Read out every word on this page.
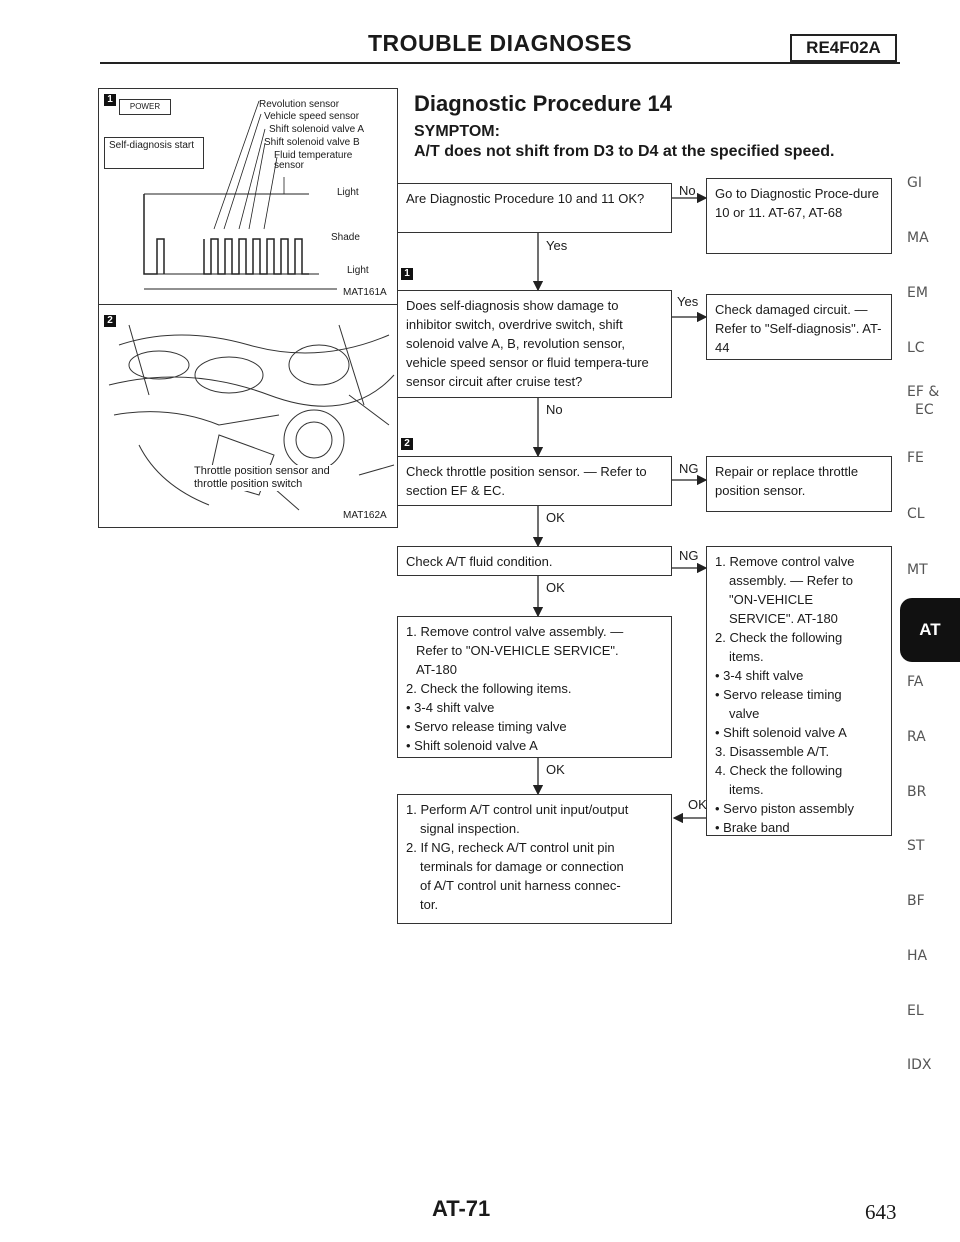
TROUBLE DIAGNOSES	RE4F02A
1
POWER
Self-diagnosis start
Revolution sensor
Vehicle speed sensor
Shift solenoid valve A
Shift solenoid valve B
Fluid temperature sensor
Light
Shade
Light
MAT161A
2
Throttle position sensor and throttle position switch
MAT162A
Diagnostic Procedure 14
SYMPTOM:
A/T does not shift from D3 to D4 at the specified speed.
Are Diagnostic Procedure 10 and 11 OK?
No	Go to Diagnostic Proce-dure 10 or 11. AT-67, AT-68
Yes
1
Does self-diagnosis show damage to inhibitor switch, overdrive switch, shift solenoid valve A, B, revolution sensor, vehicle speed sensor or fluid tempera-ture sensor circuit after cruise test?
Yes
Check damaged circuit. — Refer to "Self-diagnosis". AT-44
No
2
Check throttle position sensor. — Refer to section EF & EC.
NG	Repair or replace throttle position sensor.
OK
Check A/T fluid condition.	NG
OK
1. Remove control valve assembly. —
Refer to "ON-VEHICLE SERVICE".
AT-180
2. Check the following items.
• 3-4 shift valve
• Servo release timing valve
• Shift solenoid valve A
OK
1. Remove control valve
assembly. — Refer to
"ON-VEHICLE
SERVICE". AT-180
2. Check the following
items.
• 3-4 shift valve
• Servo release timing
valve
• Shift solenoid valve A
3. Disassemble A/T.
4. Check the following
items.
• Servo piston assembly
• Brake band
OK
1. Perform A/T control unit input/output
signal inspection.
2. If NG, recheck A/T control unit pin
terminals for damage or connection
of A/T control unit harness connec-
tor.
GI
MA
EM
LC
EF &
EC
FE
CL
MT
AT
FA
RA
BR
ST
BF
HA
EL
IDX
AT-71	643
